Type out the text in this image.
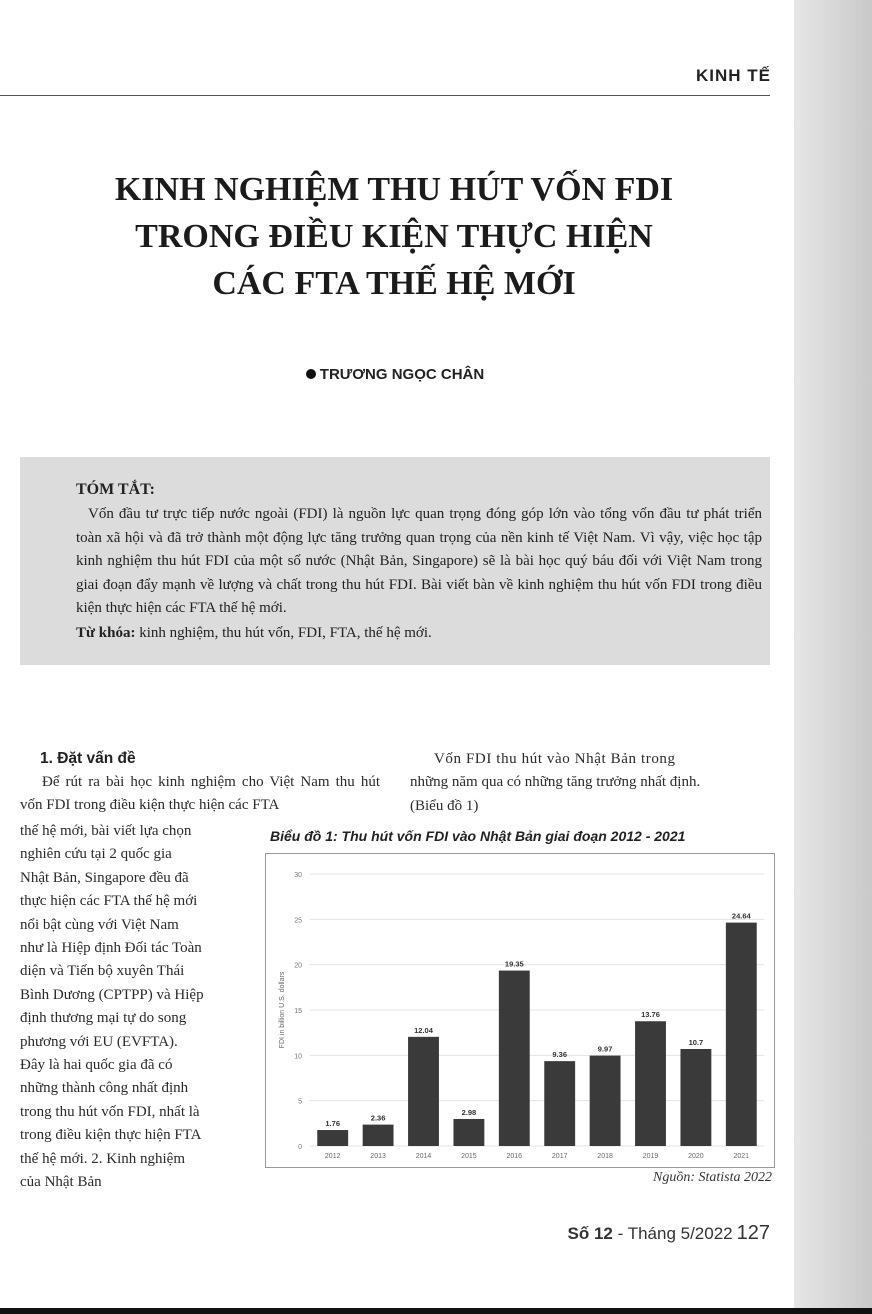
KINH TẾ
KINH NGHIỆM THU HÚT VỐN FDI
TRONG ĐIỀU KIỆN THỰC HIỆN
CÁC FTA THẾ HỆ MỚI
TRƯƠNG NGỌC CHÂN
TÓM TẮT:
Vốn đầu tư trực tiếp nước ngoài (FDI) là nguồn lực quan trọng đóng góp lớn vào tổng vốn đầu tư phát triển toàn xã hội và đã trở thành một động lực tăng trưởng quan trọng của nền kinh tế Việt Nam. Vì vậy, việc học tập kinh nghiệm thu hút FDI của một số nước (Nhật Bản, Singapore) sẽ là bài học quý báu đối với Việt Nam trong giai đoạn đẩy mạnh về lượng và chất trong thu hút FDI. Bài viết bàn về kinh nghiệm thu hút vốn FDI trong điều kiện thực hiện các FTA thế hệ mới.
Từ khóa: kinh nghiệm, thu hút vốn, FDI, FTA, thế hệ mới.
1. Đặt vấn đề
Để rút ra bài học kinh nghiệm cho Việt Nam thu hút vốn FDI trong điều kiện thực hiện các FTA
thế hệ mới, bài viết lựa chọn
nghiên cứu tại 2 quốc gia
Nhật Bản, Singapore đều đã
thực hiện các FTA thế hệ mới
nổi bật cùng với Việt Nam
như là Hiệp định Đối tác Toàn
diện và Tiến bộ xuyên Thái
Bình Dương (CPTPP) và Hiệp
định thương mại tự do song
phương với EU (EVFTA).
Đây là hai quốc gia đã có
những thành công nhất định
trong thu hút vốn FDI, nhất là
trong điều kiện thực hiện FTA
thế hệ mới. 2. Kinh nghiệm
của Nhật Bản
Vốn FDI thu hút vào Nhật Bản trong
những năm qua có những tăng trưởng nhất định.
(Biểu đồ 1)
Biểu đồ 1: Thu hút vốn FDI vào Nhật Bản giai đoạn 2012 - 2021
0
5
10
15
20
25
30
FDI in billion U.S. dollars
1.76
2012
2.36
2013
12.04
2014
2.98
2015
19.35
2016
9.36
2017
9.97
2018
13.76
2019
10.7
2020
24.64
2021
Nguồn: Statista 2022
Số 12 - Tháng 5/2022 127
